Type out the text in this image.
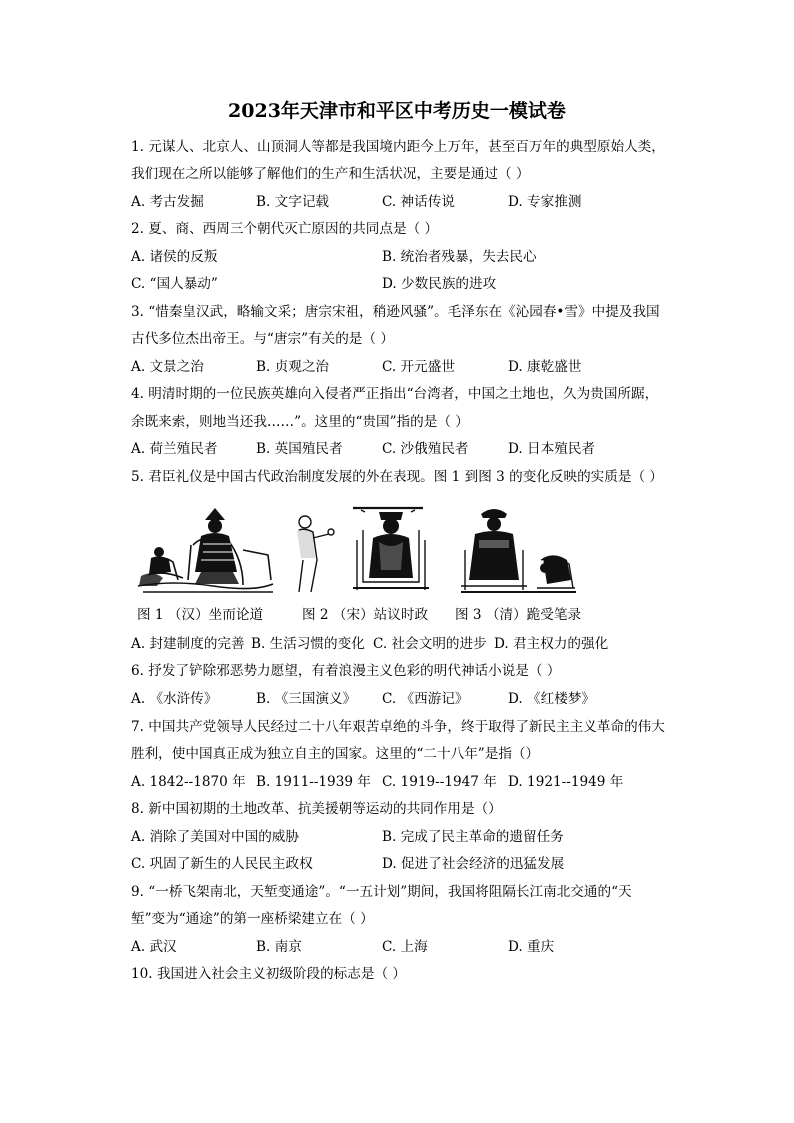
2023年天津市和平区中考历史一模试卷
1. 元谋人、北京人、山顶洞人等都是我国境内距今上万年，甚至百万年的典型原始人类，
我们现在之所以能够了解他们的生产和生活状况，主要是通过（ ）
A. 考古发掘	B. 文字记载	C. 神话传说	D. 专家推测
2. 夏、商、西周三个朝代灭亡原因的共同点是（ ）
A. 诸侯的反叛	B. 统治者残暴，失去民心
C. “国人暴动”	D. 少数民族的进攻
3. “惜秦皇汉武，略输文采；唐宗宋祖，稍逊风骚”。毛泽东在《沁园春•雪》中提及我国
古代多位杰出帝王。与“唐宗”有关的是（ ）
A. 文景之治	B. 贞观之治	C. 开元盛世	D. 康乾盛世
4. 明清时期的一位民族英雄向入侵者严正指出“台湾者，中国之土地也，久为贵国所踞，
余既来索，则地当还我……”。这里的“贵国”指的是（ ）
A. 荷兰殖民者	B. 英国殖民者	C. 沙俄殖民者	D. 日本殖民者
5. 君臣礼仪是中国古代政治制度发展的外在表现。图 1 到图 3 的变化反映的实质是（ ）
图 1 （汉）坐而论道	图 2 （宋）站议时政 图 3 （清）跪受笔录
A. 封建制度的完善 B. 生活习惯的变化 C. 社会文明的进步 D. 君主权力的强化
6. 抒发了铲除邪恶势力愿望，有着浪漫主义色彩的明代神话小说是（ ）
A. 《水浒传》	B. 《三国演义》 C. 《西游记》	D. 《红楼梦》
7. 中国共产党领导人民经过二十八年艰苦卓绝的斗争，终于取得了新民主主义革命的伟大
胜利，使中国真正成为独立自主的国家。这里的“二十八年”是指（）
A. 1842--1870 年 B. 1911--1939 年 C. 1919--1947 年 D. 1921--1949 年
8. 新中国初期的土地改革、抗美援朝等运动的共同作用是（）
A. 消除了美国对中国的威胁	B. 完成了民主革命的遗留任务
C. 巩固了新生的人民民主政权	D. 促进了社会经济的迅猛发展
9. “一桥飞架南北，天堑变通途”。“一五计划”期间，我国将阻隔长江南北交通的“天
堑”变为“通途”的第一座桥梁建立在（ ）
A. 武汉	B. 南京	C. 上海	D. 重庆
10. 我国进入社会主义初级阶段的标志是（ ）
